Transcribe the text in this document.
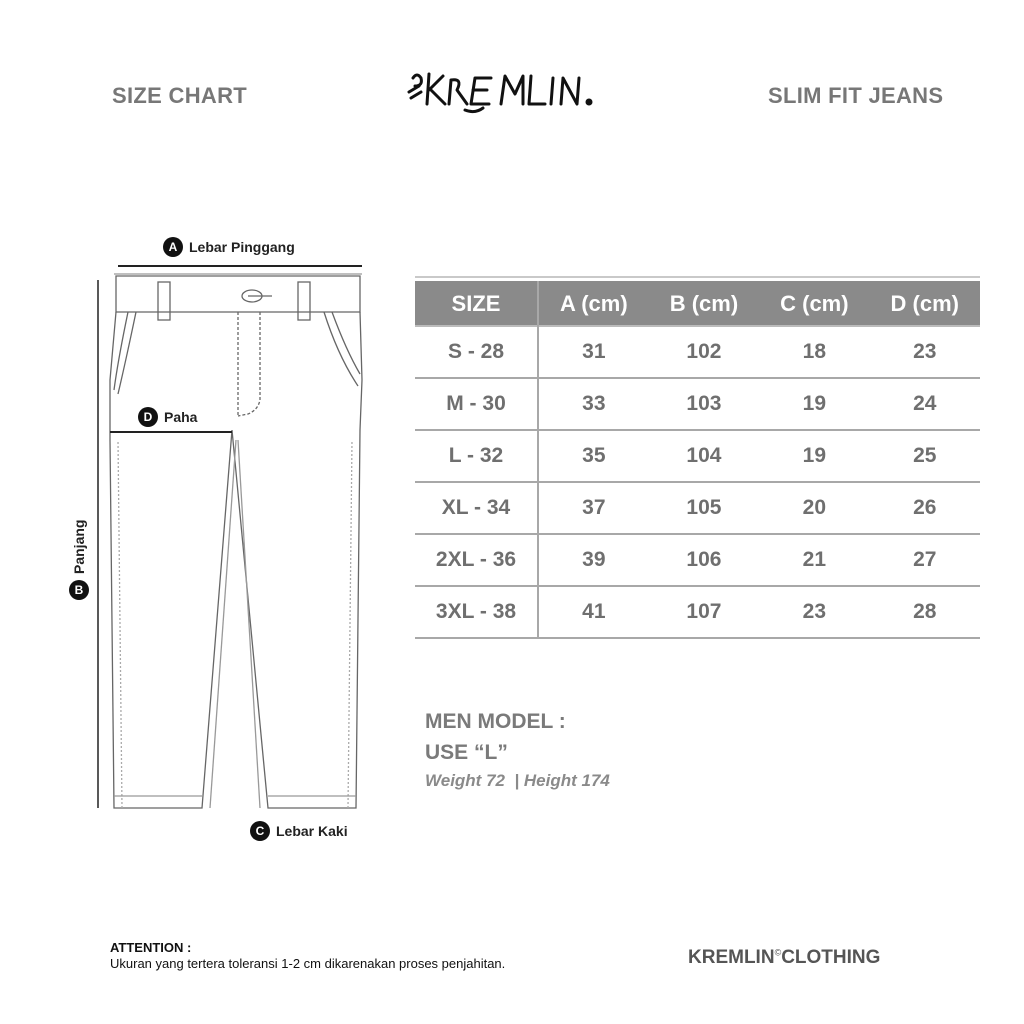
SIZE CHART	SLIM FIT JEANS
KREMLIN
A Lebar Pinggang
D Paha
B
Panjang
C Lebar Kaki
SIZE	A (cm)	B (cm)	C (cm)	D (cm)
S - 28	31	102	18	23
M - 30	33	103	19	24
L - 32	35	104	19	25
XL - 34	37	105	20	26
2XL - 36	39	106	21	27
3XL - 38	41	107	23	28
MEN MODEL :
USE “L”
Weight 72  | Height 174
ATTENTION :
Ukuran yang tertera toleransi 1-2 cm dikarenakan proses penjahitan.	KREMLIN©CLOTHING
